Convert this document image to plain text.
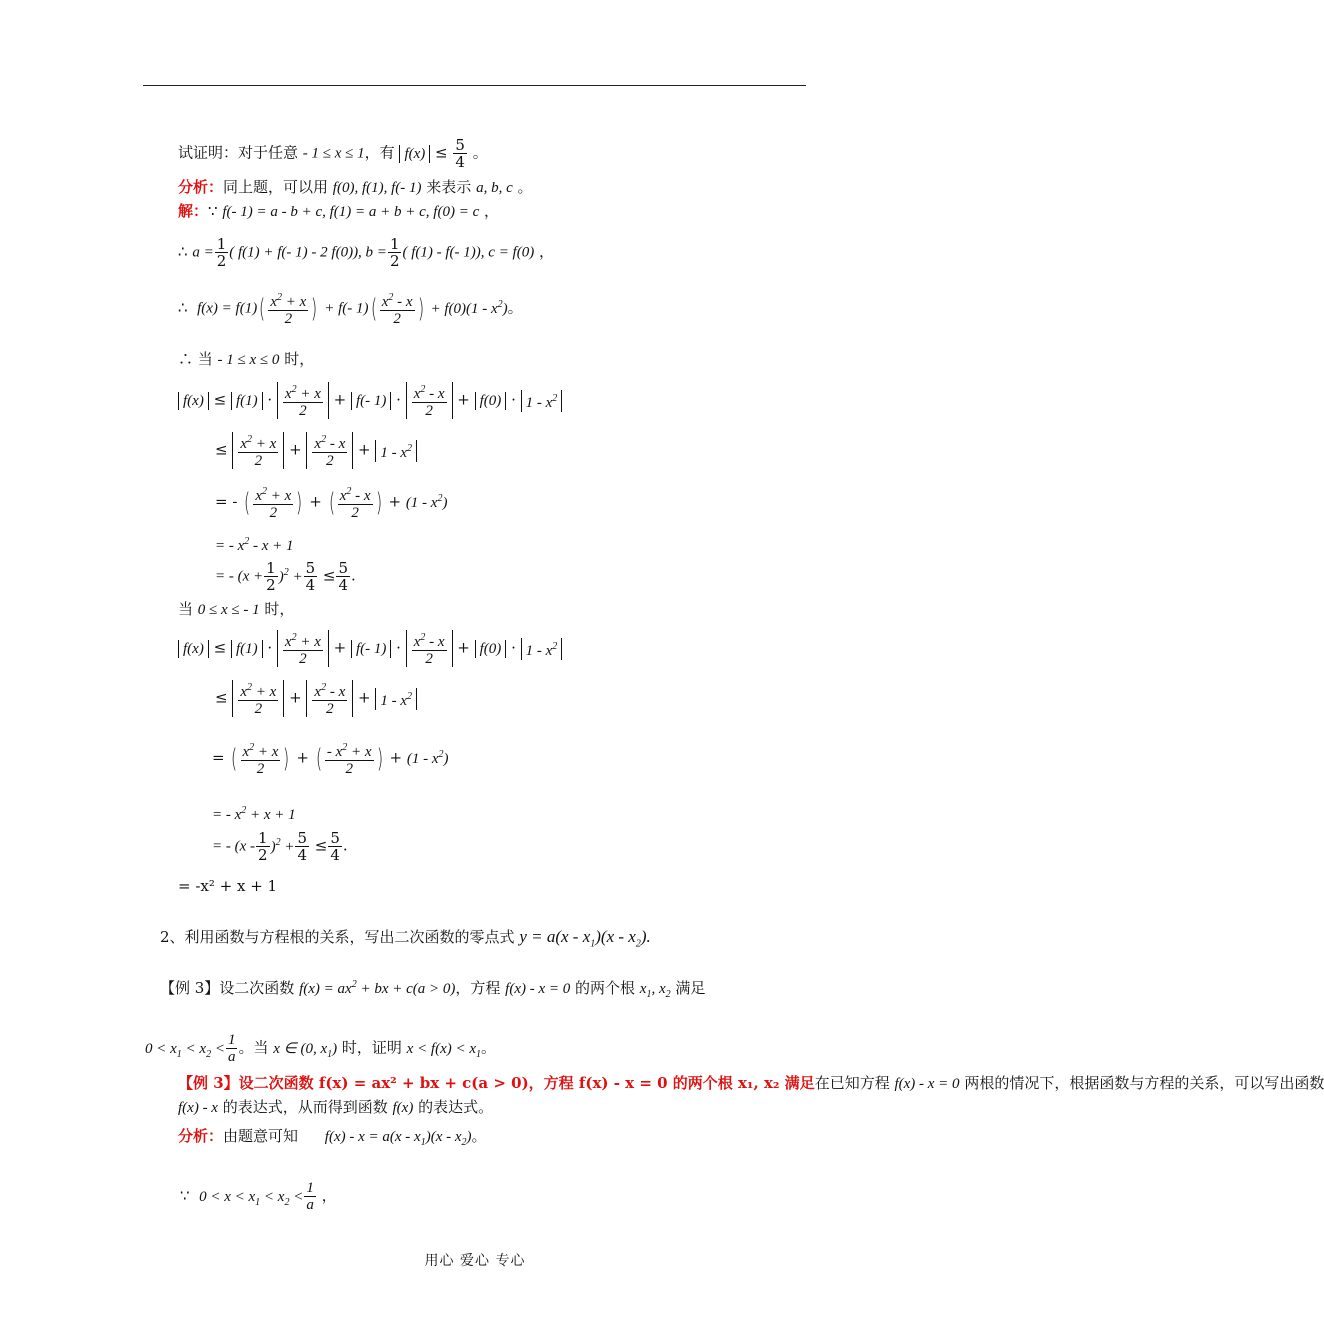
试证明：对于任意 - 1 ≤ x ≤ 1，有 $f(x) \le \frac{5}{4}$ 。
分析：同上题，可以用 f(0), f(1), f(- 1) 来表示 a, b, c 。
解：∵ f(- 1) = a - b + c, f(1) = a + b + c, f(0) = c ，
∴ $a = \frac{1}{2}$ ( f(1) + f(- 1) - 2 f(0)), $b = \frac{1}{2}$ ( f(1) - f(- 1)), c = f(0) ，
∴  $f(x) = f(1)( \frac{x^2 + x}{2}$ ) + f(- $1)( \frac{x^2 - x}{2}$ ) + $f(0)(1 - x^2)$。
∴ 当 - 1 ≤ x ≤ 0 时，
$f(x) \le f(1) \cdot \frac{x^2 + x}{2} + f(-$ $1) \cdot \frac{x^2 - x}{2} + f(0) \cdot 1 - x^2$
≤ $\frac{x^2 + x}{2} + \frac{x^2 - x}{2} + 1 - x^2$
= - ( $\frac{x^2 + x}{2}$ ) + ( $\frac{x^2 - x}{2}$ ) + $(1 - x^2)$
= - $x^2 - x + 1$
= - $(x + \frac{1}{2} )^2 + \frac{5}{4} \le \frac{5}{4}$ .
当 0 ≤ x ≤ - 1 时，
$f(x) \le f(1) \cdot \frac{x^2 + x}{2} + f(-$ $1) \cdot \frac{x^2 - x}{2} + f(0) \cdot 1 - x^2$
≤ $\frac{x^2 + x}{2} + \frac{x^2 - x}{2} + 1 - x^2$
= ( $\frac{x^2 + x}{2}$ ) + ( $\frac{- x^2 + x}{2}$ ) + $(1 - x^2)$
= - $x^2 + x + 1$
= - $(x - \frac{1}{2} )^2 + \frac{5}{4} \le \frac{5}{4}$ .
= -x² + x + 1
2、利用函数与方程根的关系，写出二次函数的零点式 $y = a(x - x_1)(x - x_2)$.
【例 3】设二次函数 $f(x) = ax^2$ + bx + c(a > 0)，方程 f(x) - x = 0 的两个根 $x_1$, $x_2$ 满足
$0 < x_1 < x_2 < \frac{1}{a}$ 。当 x ∈ (0, $x_1$) 时，证明 $x < f(x) < x_1$。
【例 3】设二次函数 f(x) = ax² + bx + c(a > 0)，方程 f(x) - x = 0 的两个根 x₁, x₂ 满足在已知方程 f(x) - x = 0 两根的情况下，根据函数与方程的关系，可以写出函数
f(x) - x 的表达式，从而得到函数 f(x) 的表达式。
分析：由题意可知 $f(x) - x = a(x - x_1)(x - x_2)$。
∵  $0 < x < x_1 < x_2 < \frac{1}{a}$ ，
用心 爱心 专心
